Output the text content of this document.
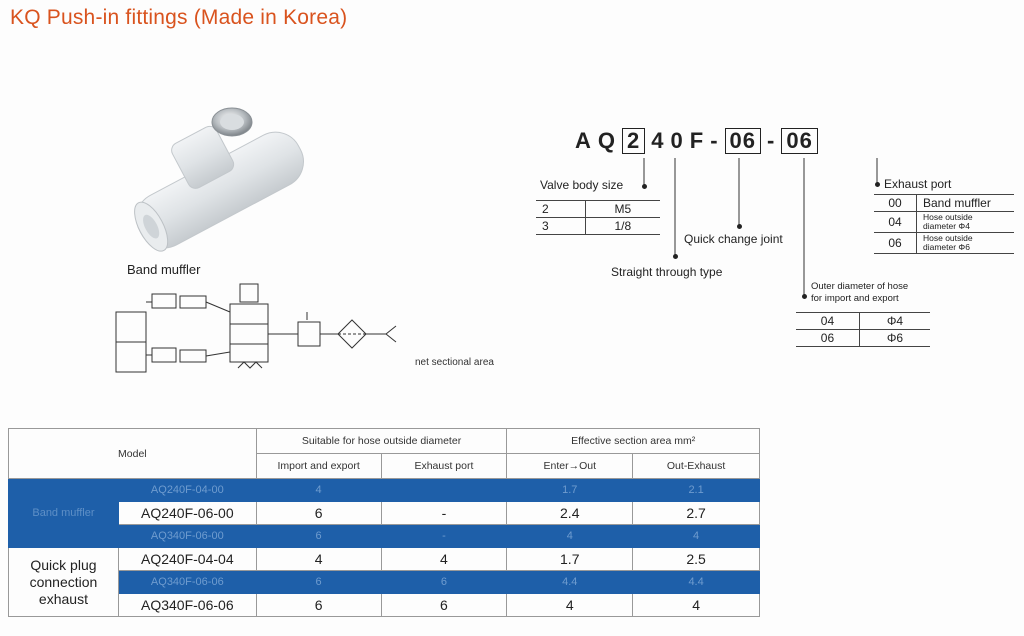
KQ Push-in fittings (Made in Korea)
Band muffler
net sectional area
A Q 2 4 0 F - 06 - 06
Valve body size
2	M5
3	1/8
Quick change joint
Straight through type
Exhaust port
00	Band muffler
04	Hose outside diameter Φ4
06	Hose outside diameter Φ6
Outer diameter of hose
for import and export
04	Φ4
06	Φ6
Model		Suitable for hose outside diameter		Effective section area mm²	
		Import and export	Exhaust port	Enter→Out	Out-Exhaust
Band muffler	AQ240F-04-00	4		1.7	2.1
	AQ240F-06-00	6	-	2.4	2.7
	AQ340F-06-00	6	-	4	4
Quick plug
connection
exhaust	AQ240F-04-04	4	4	1.7	2.5
	AQ340F-06-06	6	6	4.4	4.4
	AQ340F-06-06	6	6	4	4
